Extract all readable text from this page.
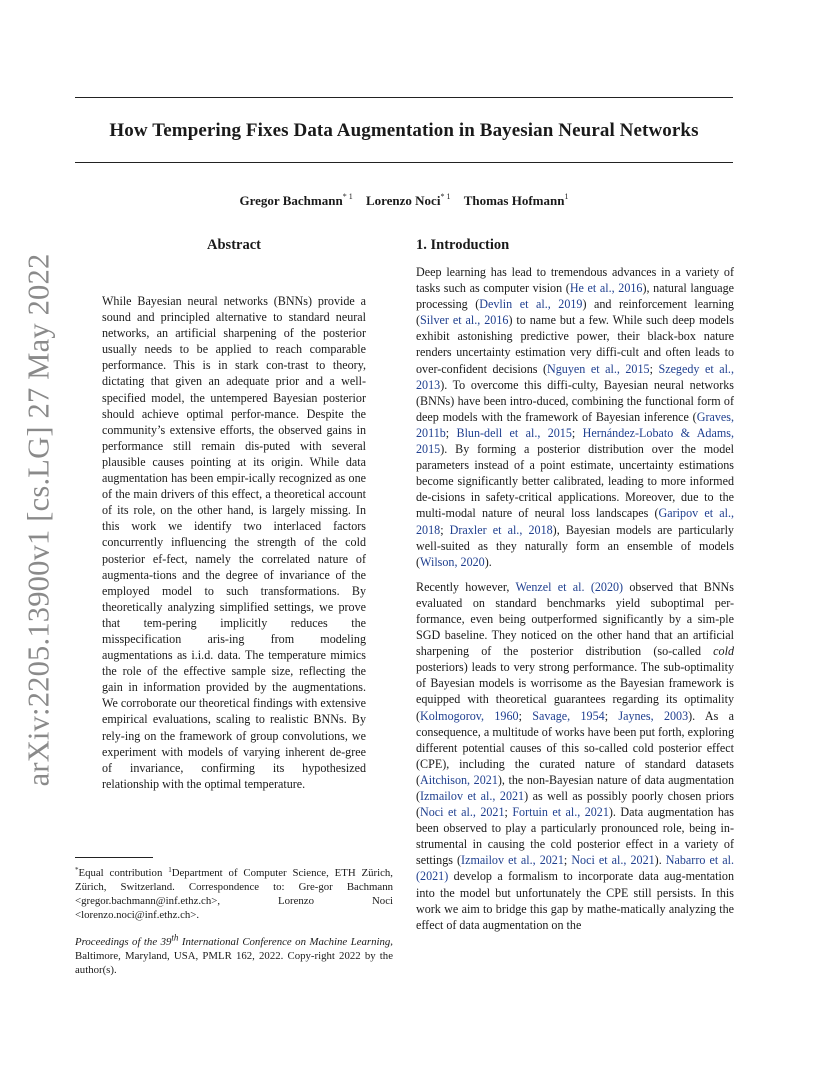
How Tempering Fixes Data Augmentation in Bayesian Neural Networks
Gregor Bachmann$^{* 1}$ Lorenzo Noci$^{* 1}$ Thomas Hofmann$^1$
arXiv:2205.13900v1 [cs.LG] 27 May 2022
Abstract

While Bayesian neural networks (BNNs) provide a sound and principled alternative to standard neural networks, an artificial sharpening of the posterior usually needs to be applied to reach comparable performance. This is in stark con-trast to theory, dictating that given an adequate prior and a well-specified model, the untempered Bayesian posterior should achieve optimal perfor-mance. Despite the community’s extensive efforts, the observed gains in performance still remain dis-puted with several plausible causes pointing at its origin. While data augmentation has been empir-ically recognized as one of the main drivers of this effect, a theoretical account of its role, on the other hand, is largely missing. In this work we identify two interlaced factors concurrently influencing the strength of the cold posterior ef-fect, namely the correlated nature of augmenta-tions and the degree of invariance of the employed model to such transformations. By theoretically analyzing simplified settings, we prove that tem-pering implicitly reduces the misspecification aris-ing from modeling augmentations as i.i.d. data. The temperature mimics the role of the effective sample size, reflecting the gain in information provided by the augmentations. We corroborate our theoretical findings with extensive empirical evaluations, scaling to realistic BNNs. By rely-ing on the framework of group convolutions, we experiment with models of varying inherent de-gree of invariance, confirming its hypothesized relationship with the optimal temperature.

*Equal contribution $^1$Department of Computer Science, ETH Zürich, Zürich, Switzerland. Correspondence to: Gre-gor Bachmann <gregor.bachmann@inf.ethz.ch>, Lorenzo Noci <lorenzo.noci@inf.ethz.ch>.
Proceedings of the 39th International Conference on Machine Learning, Baltimore, Maryland, USA, PMLR 162, 2022. Copy-right 2022 by the author(s).
1. Introduction

Deep learning has lead to tremendous advances in a variety of tasks such as computer vision (He et al., 2016), natural language processing (Devlin et al., 2019) and reinforcement learning (Silver et al., 2016) to name but a few. While such deep models exhibit astonishing predictive power, their black-box nature renders uncertainty estimation very diffi-cult and often leads to over-confident decisions (Nguyen et al., 2015; Szegedy et al., 2013). To overcome this diffi-culty, Bayesian neural networks (BNNs) have been intro-duced, combining the functional form of deep models with the framework of Bayesian inference (Graves, 2011b; Blun-dell et al., 2015; Hernández-Lobato & Adams, 2015). By forming a posterior distribution over the model parameters instead of a point estimate, uncertainty estimations become significantly better calibrated, leading to more informed de-cisions in safety-critical applications. Moreover, due to the multi-modal nature of neural loss landscapes (Garipov et al., 2018; Draxler et al., 2018), Bayesian models are particularly well-suited as they naturally form an ensemble of models (Wilson, 2020).

Recently however, Wenzel et al. (2020) observed that BNNs evaluated on standard benchmarks yield suboptimal per-formance, even being outperformed significantly by a sim-ple SGD baseline. They noticed on the other hand that an artificial sharpening of the posterior distribution (so-called cold posteriors) leads to very strong performance. The sub-optimality of Bayesian models is worrisome as the Bayesian framework is equipped with theoretical guarantees regarding its optimality (Kolmogorov, 1960; Savage, 1954; Jaynes, 2003). As a consequence, a multitude of works have been put forth, exploring different potential causes of this so-called cold posterior effect (CPE), including the curated nature of standard datasets (Aitchison, 2021), the non-Bayesian nature of data augmentation (Izmailov et al., 2021) as well as possibly poorly chosen priors (Noci et al., 2021; Fortuin et al., 2021). Data augmentation has been observed to play a particularly pronounced role, being in-strumental in causing the cold posterior effect in a variety of settings (Izmailov et al., 2021; Noci et al., 2021). Nabarro et al. (2021) develop a formalism to incorporate data aug-mentation into the model but unfortunately the CPE still persists. In this work we aim to bridge this gap by mathe-matically analyzing the effect of data augmentation on the
